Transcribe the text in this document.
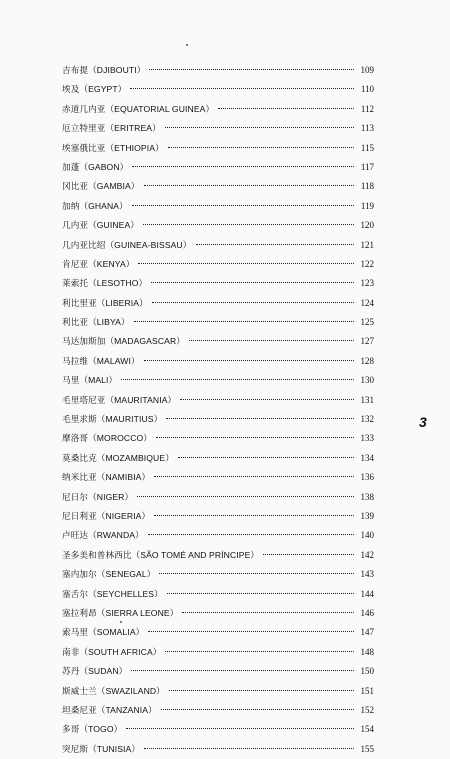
吉布提（DJIBOUTI）	109
埃及（EGYPT）	110
赤道几内亚（EQUATORIAL GUINEA）	112
厄立特里亚（ERITREA）	113
埃塞俄比亚（ETHIOPIA）	115
加蓬（GABON）	117
冈比亚（GAMBIA）	118
加纳（GHANA）	119
几内亚（GUINEA）	120
几内亚比绍（GUINEA-BISSAU）	121
肯尼亚（KENYA）	122
莱索托（LESOTHO）	123
利比里亚（LIBERIA）	124
利比亚（LIBYA）	125
马达加斯加（MADAGASCAR）	127
马拉维（MALAWI）	128
马里（MALI）	130
毛里塔尼亚（MAURITANIA）	131
毛里求斯（MAURITIUS）	132
摩洛哥（MOROCCO）	133
莫桑比克（MOZAMBIQUE）	134
纳米比亚（NAMIBIA）	136
尼日尔（NIGER）	138
尼日利亚（NIGERIA）	139
卢旺达（RWANDA）	140
圣多美和普林西比（SÃO TOMÉ AND PRÍNCIPE）	142
塞内加尔（SENEGAL）	143
塞舌尔（SEYCHELLES）	144
塞拉利昂（SIERRA LEONE）	146
索马里（SOMALIA）	147
南非（SOUTH AFRICA）	148
苏丹（SUDAN）	150
斯威士兰（SWAZILAND）	151
坦桑尼亚（TANZANIA）	152
多哥（TOGO）	154
突尼斯（TUNISIA）	155
3
